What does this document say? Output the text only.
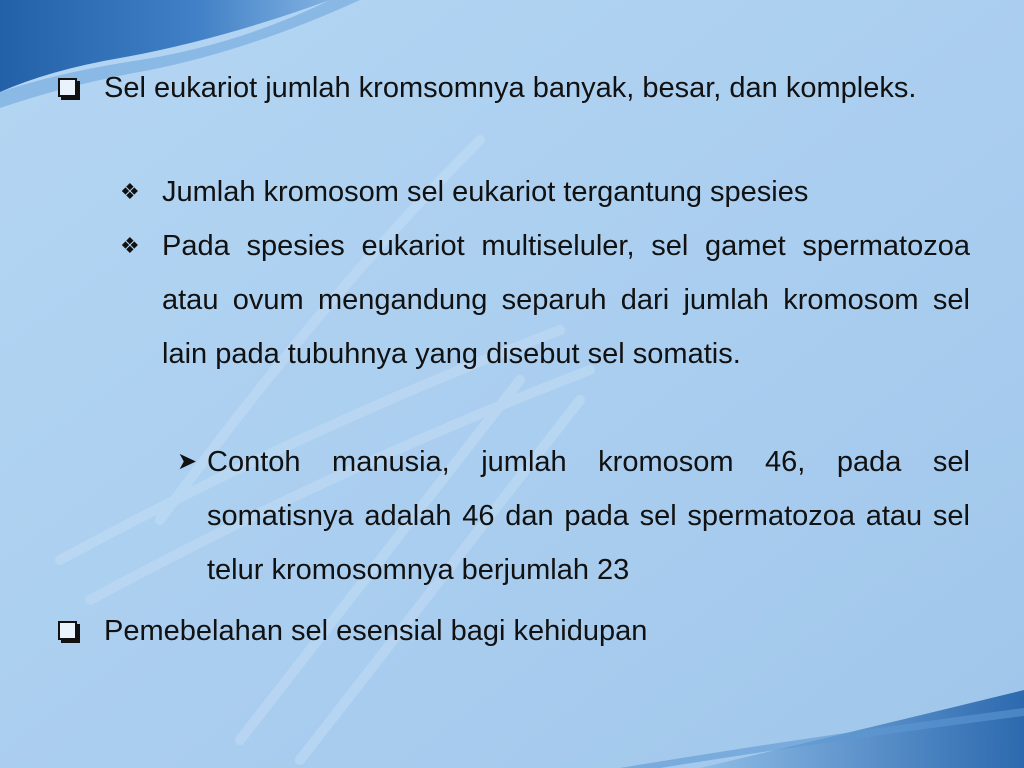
Sel eukariot jumlah kromsomnya banyak, besar, dan kompleks.
❖ Jumlah kromosom sel eukariot tergantung spesies
❖ Pada spesies eukariot multiseluler, sel gamet spermatozoa atau ovum mengandung separuh dari jumlah kromosom sel lain pada tubuhnya yang disebut sel somatis.
➤ Contoh manusia, jumlah kromosom 46, pada sel somatisnya adalah 46 dan pada sel spermatozoa atau sel telur kromosomnya berjumlah 23
Pemebelahan sel esensial bagi kehidupan
